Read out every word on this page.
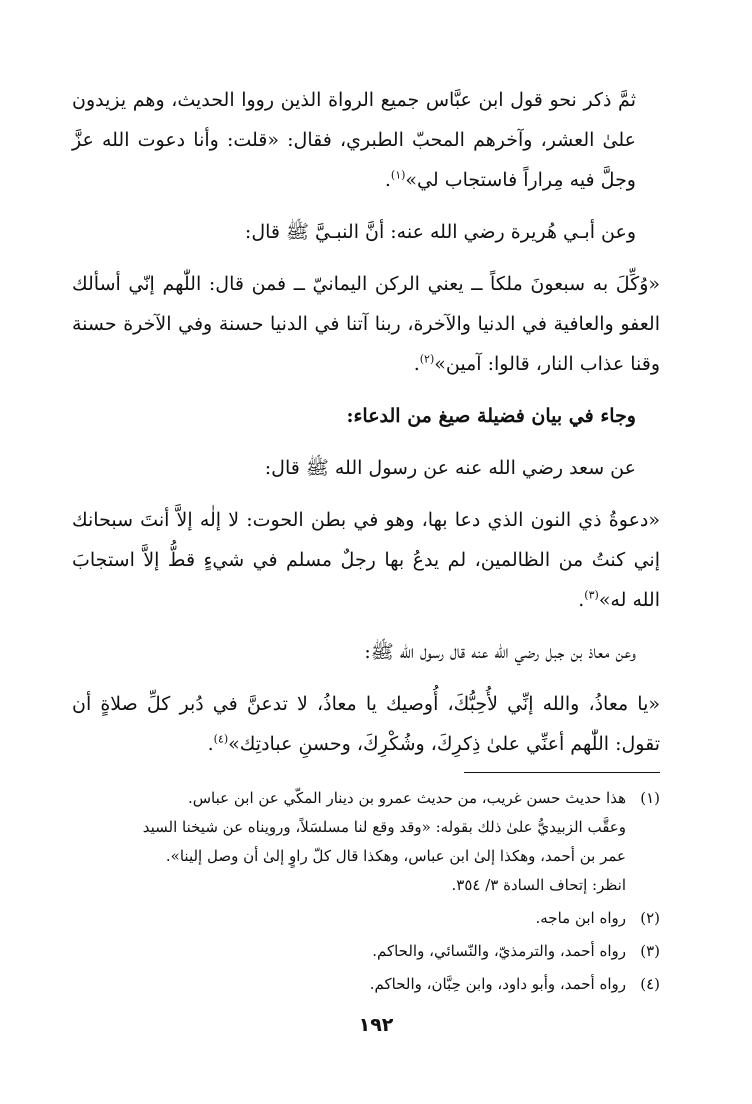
ثمَّ ذكر نحو قول ابن عبَّاس جميع الرواة الذين رووا الحديث، وهم يزيدون علىٰ العشر، وآخرهم المحبّ الطبري، فقال: «قلت: وأنا دعوت الله عزَّ وجلَّ فيه مِراراً فاستجاب لي»$^{(١)}$.

وعن أبـي هُريرة رضي الله عنه: أنَّ النبـيَّ ﷺ قال:

«وُكِّلَ به سبعونَ ملكاً ــ يعني الركن اليمانيّ ــ فمن قال: اللّٰهم إنّي أسألك العفو والعافية في الدنيا والآخرة، ربنا آتنا في الدنيا حسنة وفي الآخرة حسنة وقنا عذاب النار، قالوا: آمين»$^{(٢)}$.

وجاء في بيان فضيلة صيغ من الدعاء:

عن سعد رضي الله عنه عن رسول الله ﷺ قال:

«دعوةُ ذي النون الذي دعا بها، وهو في بطن الحوت: لا إلٰه إلاَّ أنتَ سبحانك إني كنتُ من الظالمين، لم يدعُ بها رجلٌ مسلم في شيءٍ قطُّ إلاَّ استجابَ الله له»$^{(٣)}$.

وعن معاذ بن جبل رضي الله عنه قال رسول الله ﷺ:

«يا معاذُ، والله إنِّي لأُحِبُّكَ، أُوصيك يا معاذُ، لا تدعنَّ في دُبر كلِّ صلاةٍ أن تقول: اللّٰهم أعنِّي علىٰ ذِكرِكَ، وشُكْرِكَ، وحسنِ عبادتِك»$^{(٤)}$.

(١)
هذا حديث حسن غريب، من حديث عمرو بن دينار المكّي عن ابن عباس.
وعقَّب الزبيديُّ علىٰ ذلك بقوله: «وقد وقع لنا مسلسَلاً، ورويناه عن شيخنا السيد
عمر بن أحمد، وهكذا إلىٰ ابن عباس، وهكذا قال كلّ راوٍ إلىٰ أن وصل إلينا».
انظر: إتحاف السادة ٣/ ٣٥٤.
(٢)
رواه ابن ماجه.
(٣)
رواه أحمد، والترمذيّ، والنّسائي، والحاكم.
(٤)
رواه أحمد، وأبو داود، وابن حِبَّان، والحاكم.
١٩٢
